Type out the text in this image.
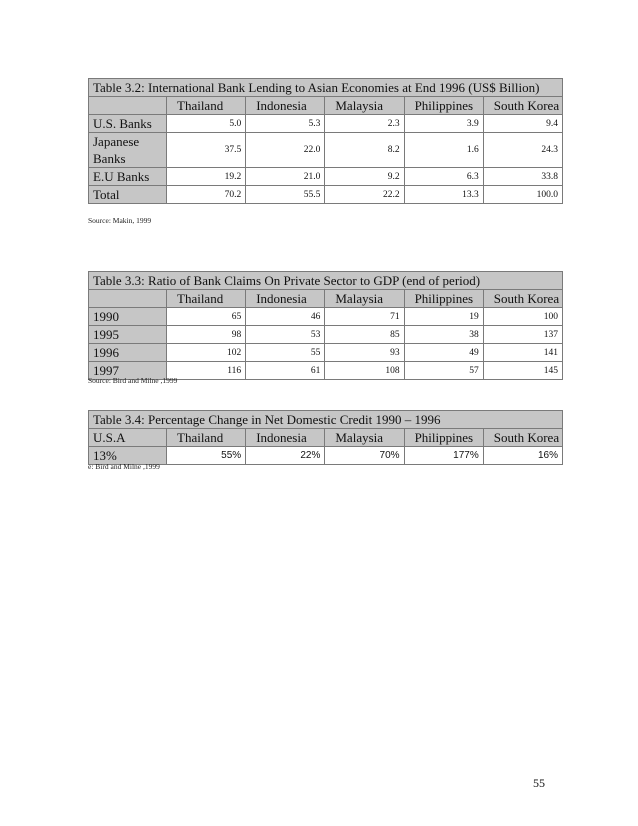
Table 3.2: International Bank Lending to Asian Economies at End 1996 (US$ Billion)					
	Thailand	Indonesia	Malaysia	Philippines	South Korea
U.S. Banks	5.0	5.3	2.3	3.9	9.4

Japanese
Banks	37.5	22.0	8.2	1.6	24.3
E.U Banks	19.2	21.0	9.2	6.3	33.8
Total	70.2	55.5	22.2	13.3	100.0
Source: Makin, 1999
Table 3.3: Ratio of Bank Claims On Private Sector to GDP (end of period)					
	Thailand	Indonesia	Malaysia	Philippines	South Korea
1990	65	46	71	19	100
1995	98	53	85	38	137
1996	102	55	93	49	141
1997	116	61	108	57	145
Source: Bird and Milne ,1999
Table 3.4: Percentage Change in Net Domestic Credit 1990 – 1996					
U.S.A	Thailand	Indonesia	Malaysia	Philippines	South Korea
13%	55%	22%	70%	177%	16%
e: Bird and Milne ,1999
55
